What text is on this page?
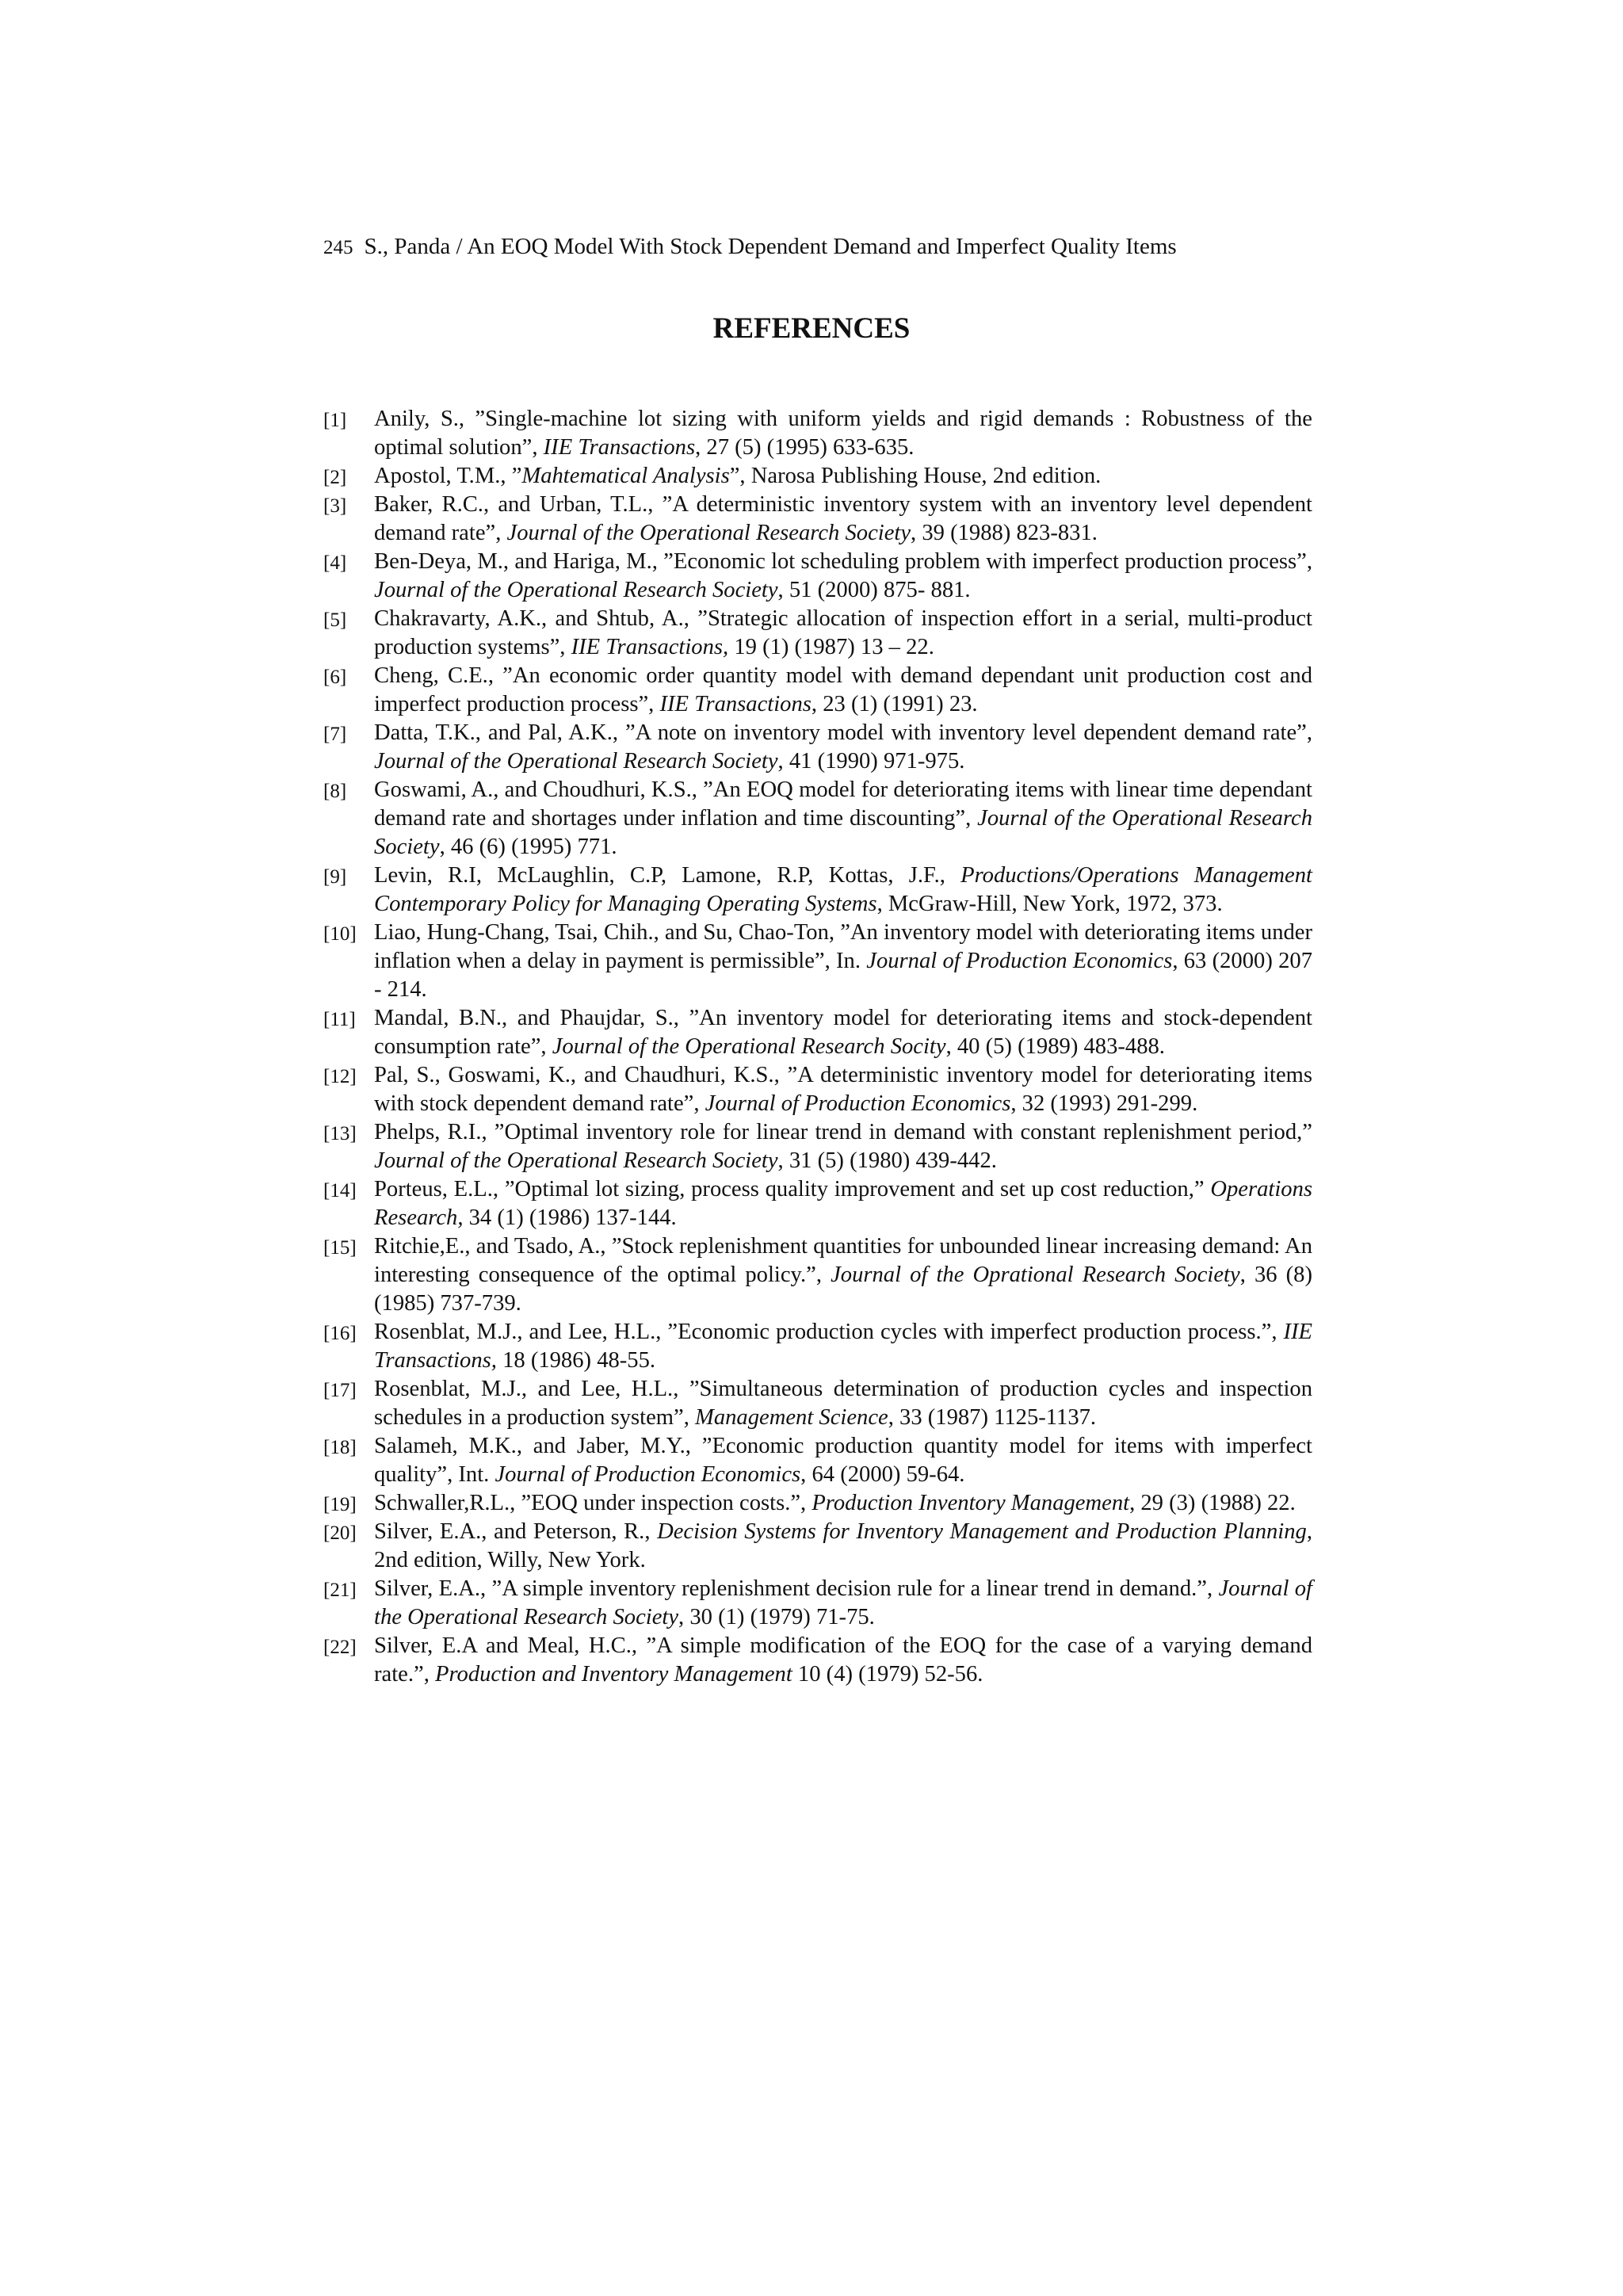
245 S., Panda / An EOQ Model With Stock Dependent Demand and Imperfect Quality Items
REFERENCES
[1] Anily, S., ”Single-machine lot sizing with uniform yields and rigid demands : Robustness of the optimal solution”, IIE Transactions, 27 (5) (1995) 633-635.
[2] Apostol, T.M., ”Mahtematical Analysis”, Narosa Publishing House, 2nd edition.
[3] Baker, R.C., and Urban, T.L., ”A deterministic inventory system with an inventory level dependent demand rate”, Journal of the Operational Research Society, 39 (1988) 823-831.
[4] Ben-Deya, M., and Hariga, M., ”Economic lot scheduling problem with imperfect production process”, Journal of the Operational Research Society, 51 (2000) 875- 881.
[5] Chakravarty, A.K., and Shtub, A., ”Strategic allocation of inspection effort in a serial, multi-product production systems”, IIE Transactions, 19 (1) (1987) 13 – 22.
[6] Cheng, C.E., ”An economic order quantity model with demand dependant unit production cost and imperfect production process”, IIE Transactions, 23 (1) (1991) 23.
[7] Datta, T.K., and Pal, A.K., ”A note on inventory model with inventory level dependent demand rate”, Journal of the Operational Research Society, 41 (1990) 971-975.
[8] Goswami, A., and Choudhuri, K.S., ”An EOQ model for deteriorating items with linear time dependant demand rate and shortages under inflation and time discounting”, Journal of the Operational Research Society, 46 (6) (1995) 771.
[9] Levin, R.I, McLaughlin, C.P, Lamone, R.P, Kottas, J.F., Productions/Operations Management Contemporary Policy for Managing Operating Systems, McGraw-Hill, New York, 1972, 373.
[10] Liao, Hung-Chang, Tsai, Chih., and Su, Chao-Ton, ”An inventory model with deteriorating items under inflation when a delay in payment is permissible”, In. Journal of Production Economics, 63 (2000) 207 - 214.
[11] Mandal, B.N., and Phaujdar, S., ”An inventory model for deteriorating items and stock-dependent consumption rate”, Journal of the Operational Research Socity, 40 (5) (1989) 483-488.
[12] Pal, S., Goswami, K., and Chaudhuri, K.S., ”A deterministic inventory model for deteriorating items with stock dependent demand rate”, Journal of Production Economics, 32 (1993) 291-299.
[13] Phelps, R.I., ”Optimal inventory role for linear trend in demand with constant replenishment period,” Journal of the Operational Research Society, 31 (5) (1980) 439-442.
[14] Porteus, E.L., ”Optimal lot sizing, process quality improvement and set up cost reduction,” Operations Research, 34 (1) (1986) 137-144.
[15] Ritchie,E., and Tsado, A., ”Stock replenishment quantities for unbounded linear increasing demand: An interesting consequence of the optimal policy.”, Journal of the Oprational Research Society, 36 (8) (1985) 737-739.
[16] Rosenblat, M.J., and Lee, H.L., ”Economic production cycles with imperfect production process.”, IIE Transactions, 18 (1986) 48-55.
[17] Rosenblat, M.J., and Lee, H.L., ”Simultaneous determination of production cycles and inspection schedules in a production system”, Management Science, 33 (1987) 1125-1137.
[18] Salameh, M.K., and Jaber, M.Y., ”Economic production quantity model for items with imperfect quality”, Int. Journal of Production Economics, 64 (2000) 59-64.
[19] Schwaller,R.L., ”EOQ under inspection costs.”, Production Inventory Management, 29 (3) (1988) 22.
[20] Silver, E.A., and Peterson, R., Decision Systems for Inventory Management and Production Planning, 2nd edition, Willy, New York.
[21] Silver, E.A., ”A simple inventory replenishment decision rule for a linear trend in demand.”, Journal of the Operational Research Society, 30 (1) (1979) 71-75.
[22] Silver, E.A and Meal, H.C., ”A simple modification of the EOQ for the case of a varying demand rate.”, Production and Inventory Management 10 (4) (1979) 52-56.
